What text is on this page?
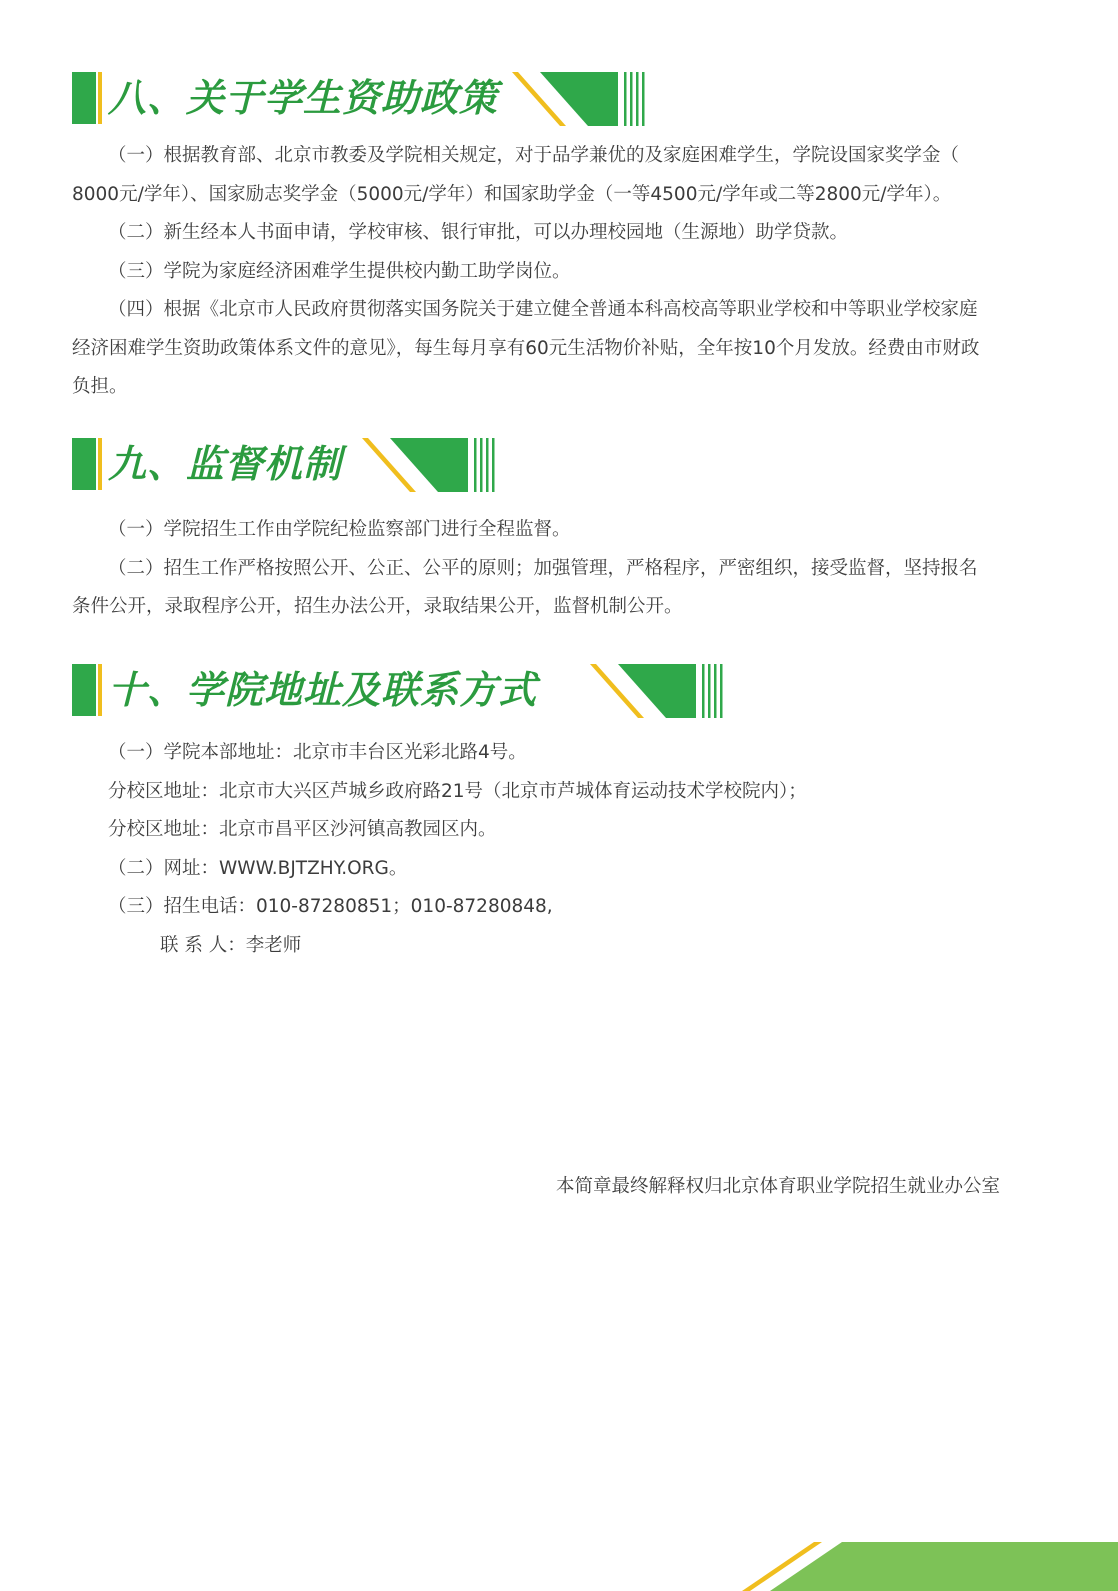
八、关于学生资助政策

（一）根据教育部、北京市教委及学院相关规定，对于品学兼优的及家庭困难学生，学院设国家奖学金（

8000元/学年）、国家励志奖学金（5000元/学年）和国家助学金（一等4500元/学年或二等2800元/学年）。

（二）新生经本人书面申请，学校审核、银行审批，可以办理校园地（生源地）助学贷款。

（三）学院为家庭经济困难学生提供校内勤工助学岗位。

（四）根据《北京市人民政府贯彻落实国务院关于建立健全普通本科高校高等职业学校和中等职业学校家庭

经济困难学生资助政策体系文件的意见》，每生每月享有60元生活物价补贴，全年按10个月发放。经费由市财政

负担。

九、监督机制

（一）学院招生工作由学院纪检监察部门进行全程监督。

（二）招生工作严格按照公开、公正、公平的原则；加强管理，严格程序，严密组织，接受监督，坚持报名

条件公开，录取程序公开，招生办法公开，录取结果公开，监督机制公开。

十、学院地址及联系方式

（一）学院本部地址：北京市丰台区光彩北路4号。

分校区地址：北京市大兴区芦城乡政府路21号（北京市芦城体育运动技术学校院内）；

分校区地址：北京市昌平区沙河镇高教园区内。

（二）网址：WWW.BJTZHY.ORG。

（三）招生电话：010-87280851；010-87280848,

联 系 人：李老师

本简章最终解释权归北京体育职业学院招生就业办公室
